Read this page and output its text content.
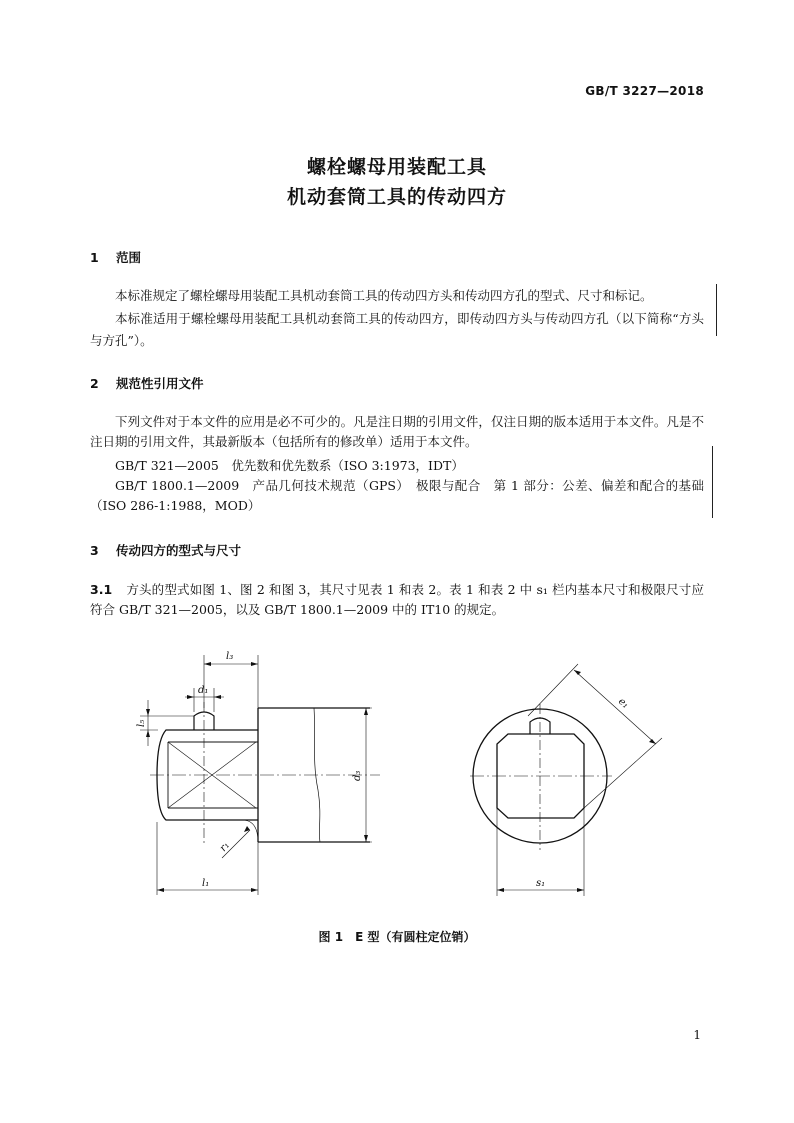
GB/T 3227—2018
螺栓螺母用装配工具
机动套筒工具的传动四方
1 范围
本标准规定了螺栓螺母用装配工具机动套筒工具的传动四方头和传动四方孔的型式、尺寸和标记。
本标准适用于螺栓螺母用装配工具机动套筒工具的传动四方，即传动四方头与传动四方孔（以下简称“方头与方孔”）。
2 规范性引用文件
下列文件对于本文件的应用是必不可少的。凡是注日期的引用文件，仅注日期的版本适用于本文件。凡是不注日期的引用文件，其最新版本（包括所有的修改单）适用于本文件。
GB/T 321—2005　优先数和优先数系（ISO 3:1973，IDT）
GB/T 1800.1—2009　产品几何技术规范（GPS）　极限与配合　第 1 部分：公差、偏差和配合的基础（ISO 286-1:1988，MOD）
3 传动四方的型式与尺寸
3.1 方头的型式如图 1、图 2 和图 3，其尺寸见表 1 和表 2。表 1 和表 2 中 s₁ 栏内基本尺寸和极限尺寸应符合 GB/T 321—2005，以及 GB/T 1800.1—2009 中的 IT10 的规定。
l₃
d₁
l₅
d₃
r₁
l₁
e₁
s₁
图 1　E 型（有圆柱定位销）
1
